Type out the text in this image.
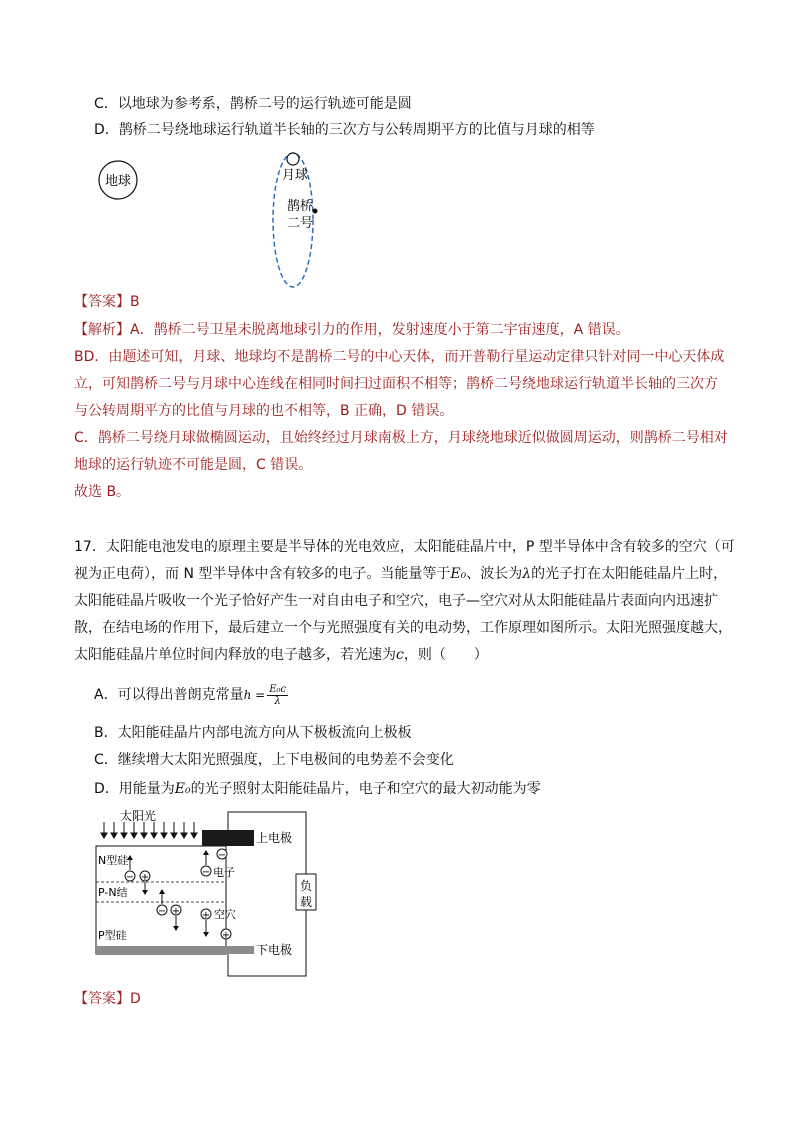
C．以地球为参考系，鹊桥二号的运行轨迹可能是圆
D．鹊桥二号绕地球运行轨道半长轴的三次方与公转周期平方的比值与月球的相等
地球	月球
鹊桥
二号
【答案】B
【解析】A．鹊桥二号卫星未脱离地球引力的作用，发射速度小于第二宇宙速度，A 错误。
BD．由题述可知，月球、地球均不是鹊桥二号的中心天体，而开普勒行星运动定律只针对同一中心天体成
立，可知鹊桥二号与月球中心连线在相同时间扫过面积不相等；鹊桥二号绕地球运行轨道半长轴的三次方
与公转周期平方的比值与月球的也不相等，B 正确，D 错误。
C．鹊桥二号绕月球做椭圆运动，且始终经过月球南极上方，月球绕地球近似做圆周运动，则鹊桥二号相对
地球的运行轨迹不可能是圆，C 错误。
故选 B。
17．太阳能电池发电的原理主要是半导体的光电效应，太阳能硅晶片中，P 型半导体中含有较多的空穴（可
视为正电荷），而 N 型半导体中含有较多的电子。当能量等于E₀、波长为λ的光子打在太阳能硅晶片上时，
太阳能硅晶片吸收一个光子恰好产生一对自由电子和空穴，电子—空穴对从太阳能硅晶片表面向内迅速扩
散，在结电场的作用下，最后建立一个与光照强度有关的电动势，工作原理如图所示。太阳光照强度越大，
太阳能硅晶片单位时间内释放的电子越多，若光速为c，则（　　）
A．可以得出普朗克常量$h = \frac{\text{E₀c}}{\lambda}$
B．太阳能硅晶片内部电流方向从下极板流向上极板
C．继续增大太阳光照强度，上下电极间的电势差不会变化
D．用能量为E₀的光子照射太阳能硅晶片，电子和空穴的最大初动能为零
太阳光
上电极
下电极
N型硅
P-N结
P型硅
负
载
− +
−
− 电子
− + + 空穴
+
【答案】D
